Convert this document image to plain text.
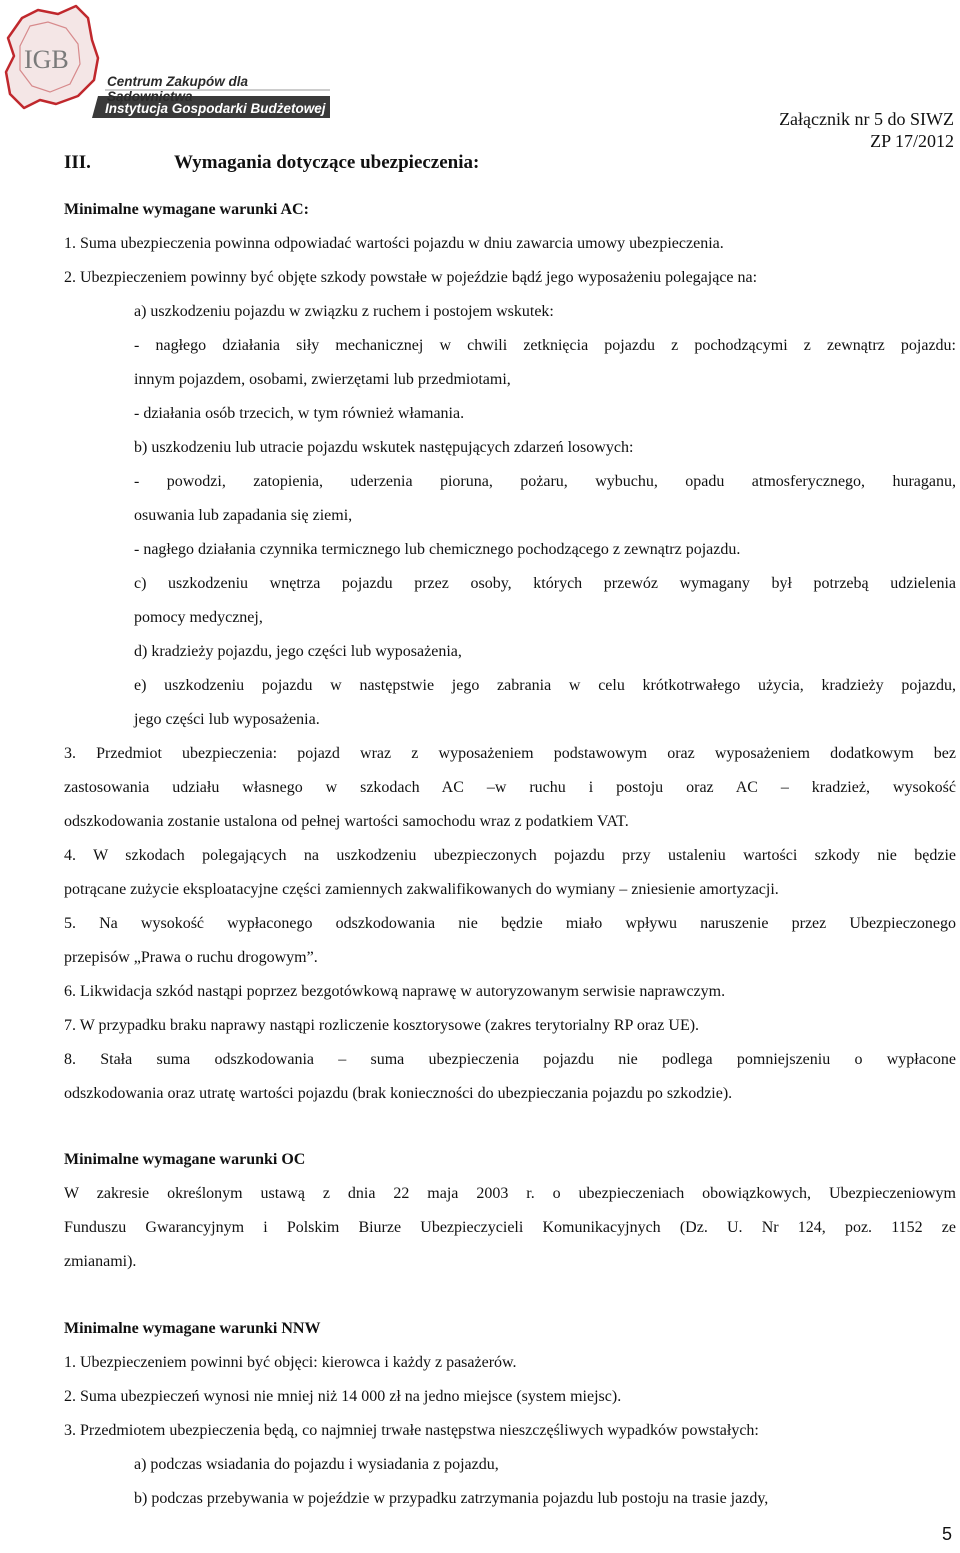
IGB
Centrum Zakupów dla Sądownictwa
Instytucja Gospodarki Budżetowej
Załącznik nr 5 do SIWZ
ZP 17/2012
III.	Wymagania dotyczące ubezpieczenia:
Minimalne wymagane warunki AC:
1. Suma ubezpieczenia powinna odpowiadać wartości pojazdu w dniu zawarcia umowy ubezpieczenia.
2. Ubezpieczeniem powinny być objęte szkody powstałe w pojeździe bądź jego wyposażeniu polegające na:
a) uszkodzeniu pojazdu w związku z ruchem i postojem wskutek:
- nagłego działania siły mechanicznej w chwili zetknięcia pojazdu z pochodzącymi z zewnątrz pojazdu:
innym pojazdem, osobami, zwierzętami lub przedmiotami,
- działania osób trzecich, w tym również włamania.
b) uszkodzeniu lub utracie pojazdu wskutek następujących zdarzeń losowych:
- powodzi, zatopienia, uderzenia pioruna, pożaru, wybuchu, opadu atmosferycznego, huraganu,
osuwania lub zapadania się ziemi,
- nagłego działania czynnika termicznego lub chemicznego pochodzącego z zewnątrz pojazdu.
c) uszkodzeniu wnętrza pojazdu przez osoby, których przewóz wymagany był potrzebą udzielenia
pomocy medycznej,
d) kradzieży pojazdu, jego części lub wyposażenia,
e) uszkodzeniu pojazdu w następstwie jego zabrania w celu krótkotrwałego użycia, kradzieży pojazdu,
jego części lub wyposażenia.
3. Przedmiot ubezpieczenia: pojazd wraz z wyposażeniem podstawowym oraz wyposażeniem dodatkowym bez
zastosowania udziału własnego w szkodach AC –w ruchu i postoju oraz AC – kradzież, wysokość
odszkodowania zostanie ustalona od pełnej wartości samochodu wraz z podatkiem VAT.
4. W szkodach polegających na uszkodzeniu ubezpieczonych pojazdu przy ustaleniu wartości szkody nie będzie
potrącane zużycie eksploatacyjne części zamiennych zakwalifikowanych do wymiany – zniesienie amortyzacji.
5. Na wysokość wypłaconego odszkodowania nie będzie miało wpływu naruszenie przez Ubezpieczonego
przepisów „Prawa o ruchu drogowym”.
6. Likwidacja szkód nastąpi poprzez bezgotówkową naprawę w autoryzowanym serwisie naprawczym.
7. W przypadku braku naprawy nastąpi rozliczenie kosztorysowe (zakres terytorialny RP oraz UE).
8. Stała suma odszkodowania – suma ubezpieczenia pojazdu nie podlega pomniejszeniu o wypłacone
odszkodowania oraz utratę wartości pojazdu (brak konieczności do ubezpieczania pojazdu po szkodzie).
Minimalne wymagane warunki OC
W zakresie określonym ustawą z dnia 22 maja 2003 r. o ubezpieczeniach obowiązkowych, Ubezpieczeniowym
Funduszu Gwarancyjnym i Polskim Biurze Ubezpieczycieli Komunikacyjnych (Dz. U. Nr 124, poz. 1152 ze
zmianami).
Minimalne wymagane warunki NNW
1. Ubezpieczeniem powinni być objęci: kierowca i każdy z pasażerów.
2. Suma ubezpieczeń wynosi nie mniej niż 14 000 zł na jedno miejsce (system miejsc).
3. Przedmiotem ubezpieczenia będą, co najmniej trwałe następstwa nieszczęśliwych wypadków powstałych:
a) podczas wsiadania do pojazdu i wysiadania z pojazdu,
b) podczas przebywania w pojeździe w przypadku zatrzymania pojazdu lub postoju na trasie jazdy,
5
